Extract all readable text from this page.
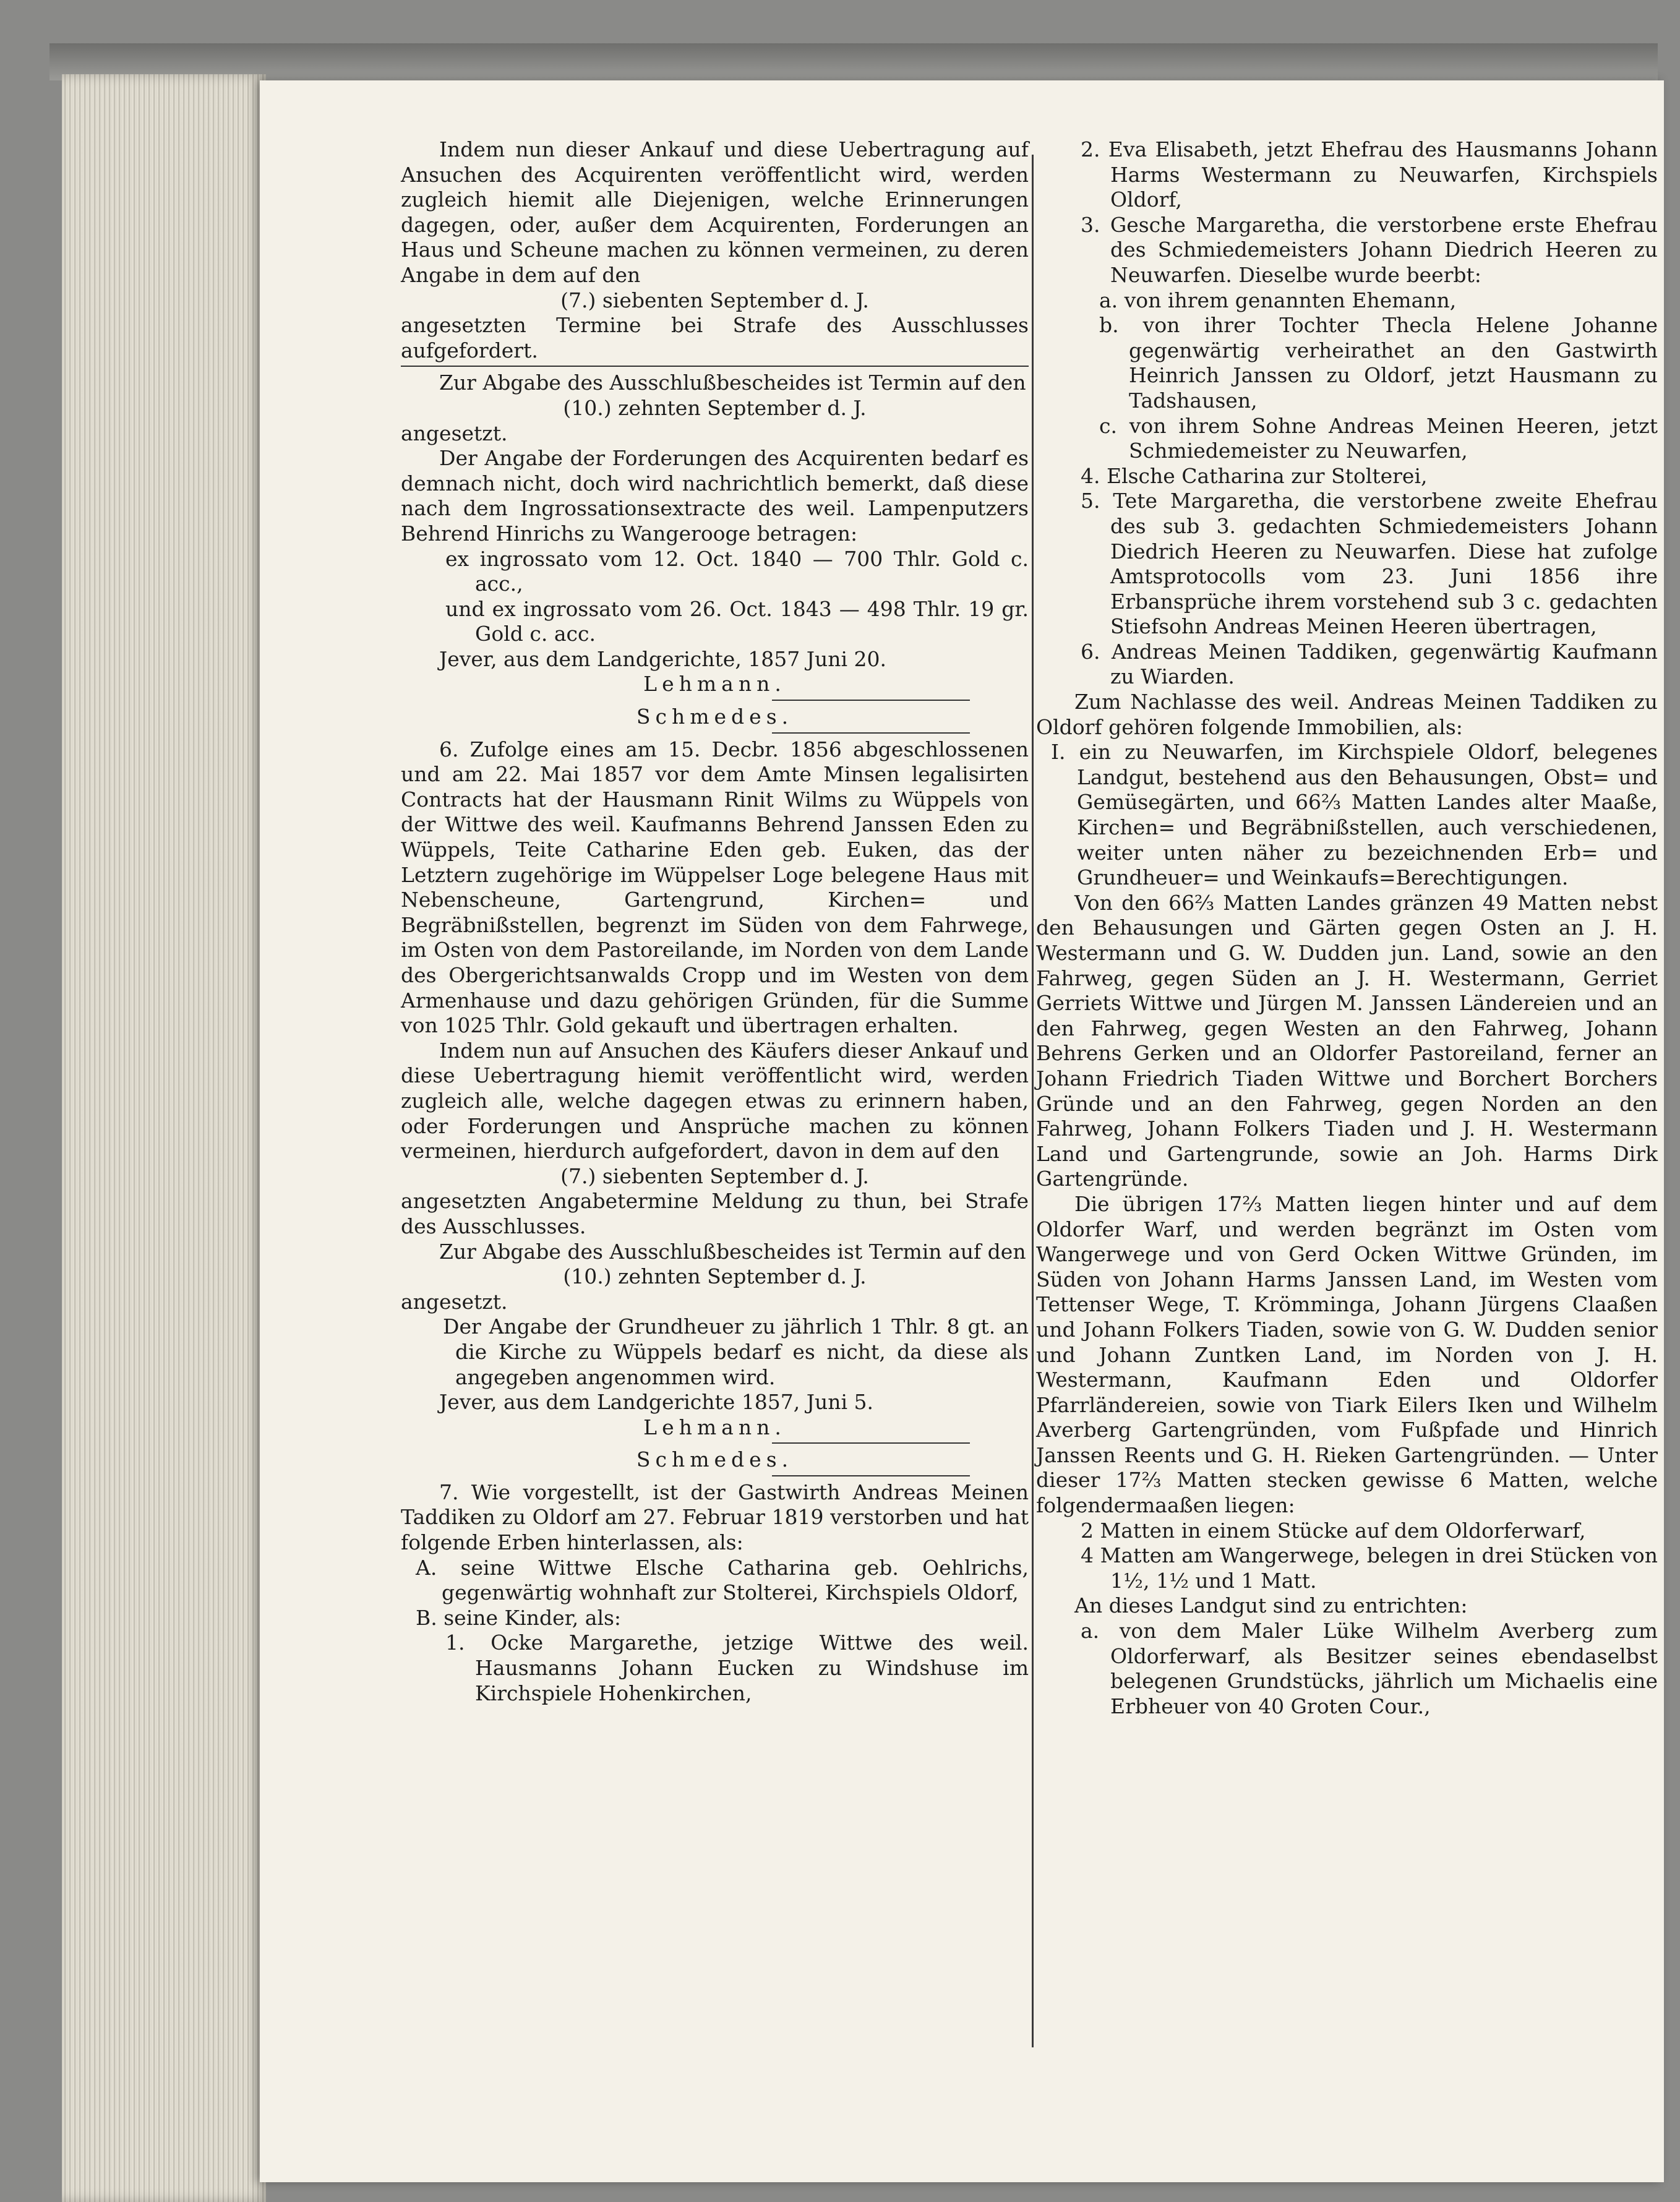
Indem nun dieser Ankauf und diese Uebertragung auf Ansuchen des Acquirenten veröffentlicht wird, werden zugleich hiemit alle Diejenigen, welche Erinnerungen dagegen, oder, außer dem Acquirenten, Forderungen an Haus und Scheune machen zu können vermeinen, zu deren Angabe in dem auf den

(7.) siebenten September d. J.

angesetzten Termine bei Strafe des Ausschlusses aufgefordert.

Zur Abgabe des Ausschlußbescheides ist Termin auf den

(10.) zehnten September d. J.

angesetzt.

Der Angabe der Forderungen des Acquirenten bedarf es demnach nicht, doch wird nachrichtlich bemerkt, daß diese nach dem Ingrossationsextracte des weil. Lampenputzers Behrend Hinrichs zu Wangerooge betragen:

ex ingrossato vom 12. Oct. 1840 — 700 Thlr. Gold c. acc.,

und ex ingrossato vom 26. Oct. 1843 — 498 Thlr. 19 gr. Gold c. acc.

Jever, aus dem Landgerichte, 1857 Juni 20.

Lehmann.

Schmedes.

6. Zufolge eines am 15. Decbr. 1856 abgeschlossenen und am 22. Mai 1857 vor dem Amte Minsen legalisirten Contracts hat der Hausmann Rinit Wilms zu Wüppels von der Wittwe des weil. Kaufmanns Behrend Janssen Eden zu Wüppels, Teite Catharine Eden geb. Euken, das der Letztern zugehörige im Wüppelser Loge belegene Haus mit Nebenscheune, Gartengrund, Kirchen= und Begräbnißstellen, begrenzt im Süden von dem Fahrwege, im Osten von dem Pastoreilande, im Norden von dem Lande des Obergerichtsanwalds Cropp und im Westen von dem Armenhause und dazu gehörigen Gründen, für die Summe von 1025 Thlr. Gold gekauft und übertragen erhalten.

Indem nun auf Ansuchen des Käufers dieser Ankauf und diese Uebertragung hiemit veröffentlicht wird, werden zugleich alle, welche dagegen etwas zu erinnern haben, oder Forderungen und Ansprüche machen zu können vermeinen, hierdurch aufgefordert, davon in dem auf den

(7.) siebenten September d. J.

angesetzten Angabetermine Meldung zu thun, bei Strafe des Ausschlusses.

Zur Abgabe des Ausschlußbescheides ist Termin auf den

(10.) zehnten September d. J.

angesetzt.

Der Angabe der Grundheuer zu jährlich 1 Thlr. 8 gt. an die Kirche zu Wüppels bedarf es nicht, da diese als angegeben angenommen wird.

Jever, aus dem Landgerichte 1857, Juni 5.

Lehmann.

Schmedes.

7. Wie vorgestellt, ist der Gastwirth Andreas Meinen Taddiken zu Oldorf am 27. Februar 1819 verstorben und hat folgende Erben hinterlassen, als:

A. seine Wittwe Elsche Catharina geb. Oehlrichs, gegenwärtig wohnhaft zur Stolterei, Kirchspiels Oldorf,

B. seine Kinder, als:

1. Ocke Margarethe, jetzige Wittwe des weil. Hausmanns Johann Eucken zu Windshuse im Kirchspiele Hohenkirchen,

2. Eva Elisabeth, jetzt Ehefrau des Hausmanns Johann Harms Westermann zu Neuwarfen, Kirchspiels Oldorf,

3. Gesche Margaretha, die verstorbene erste Ehefrau des Schmiedemeisters Johann Diedrich Heeren zu Neuwarfen. Dieselbe wurde beerbt:

a. von ihrem genannten Ehemann,

b. von ihrer Tochter Thecla Helene Johanne gegenwärtig verheirathet an den Gastwirth Heinrich Janssen zu Oldorf, jetzt Hausmann zu Tadshausen,

c. von ihrem Sohne Andreas Meinen Heeren, jetzt Schmiedemeister zu Neuwarfen,

4. Elsche Catharina zur Stolterei,

5. Tete Margaretha, die verstorbene zweite Ehefrau des sub 3. gedachten Schmiedemeisters Johann Diedrich Heeren zu Neuwarfen. Diese hat zufolge Amtsprotocolls vom 23. Juni 1856 ihre Erbansprüche ihrem vorstehend sub 3 c. gedachten Stiefsohn Andreas Meinen Heeren übertragen,

6. Andreas Meinen Taddiken, gegenwärtig Kaufmann zu Wiarden.

Zum Nachlasse des weil. Andreas Meinen Taddiken zu Oldorf gehören folgende Immobilien, als:

I. ein zu Neuwarfen, im Kirchspiele Oldorf, belegenes Landgut, bestehend aus den Behausungen, Obst= und Gemüsegärten, und 66⅔ Matten Landes alter Maaße, Kirchen= und Begräbnißstellen, auch verschiedenen, weiter unten näher zu bezeichnenden Erb= und Grundheuer= und Weinkaufs=Berechtigungen.

Von den 66⅔ Matten Landes gränzen 49 Matten nebst den Behausungen und Gärten gegen Osten an J. H. Westermann und G. W. Dudden jun. Land, sowie an den Fahrweg, gegen Süden an J. H. Westermann, Gerriet Gerriets Wittwe und Jürgen M. Janssen Ländereien und an den Fahrweg, gegen Westen an den Fahrweg, Johann Behrens Gerken und an Oldorfer Pastoreiland, ferner an Johann Friedrich Tiaden Wittwe und Borchert Borchers Gründe und an den Fahrweg, gegen Norden an den Fahrweg, Johann Folkers Tiaden und J. H. Westermann Land und Gartengrunde, sowie an Joh. Harms Dirk Gartengründe.

Die übrigen 17⅔ Matten liegen hinter und auf dem Oldorfer Warf, und werden begränzt im Osten vom Wangerwege und von Gerd Ocken Wittwe Gründen, im Süden von Johann Harms Janssen Land, im Westen vom Tettenser Wege, T. Krömminga, Johann Jürgens Claaßen und Johann Folkers Tiaden, sowie von G. W. Dudden senior und Johann Zuntken Land, im Norden von J. H. Westermann, Kaufmann Eden und Oldorfer Pfarrländereien, sowie von Tiark Eilers Iken und Wilhelm Averberg Gartengründen, vom Fußpfade und Hinrich Janssen Reents und G. H. Rieken Gartengründen. — Unter dieser 17⅔ Matten stecken gewisse 6 Matten, welche folgendermaaßen liegen:

2 Matten in einem Stücke auf dem Oldorferwarf,

4 Matten am Wangerwege, belegen in drei Stücken von 1½, 1½ und 1 Matt.

An dieses Landgut sind zu entrichten:

a. von dem Maler Lüke Wilhelm Averberg zum Oldorferwarf, als Besitzer seines ebendaselbst belegenen Grundstücks, jährlich um Michaelis eine Erbheuer von 40 Groten Cour.,
